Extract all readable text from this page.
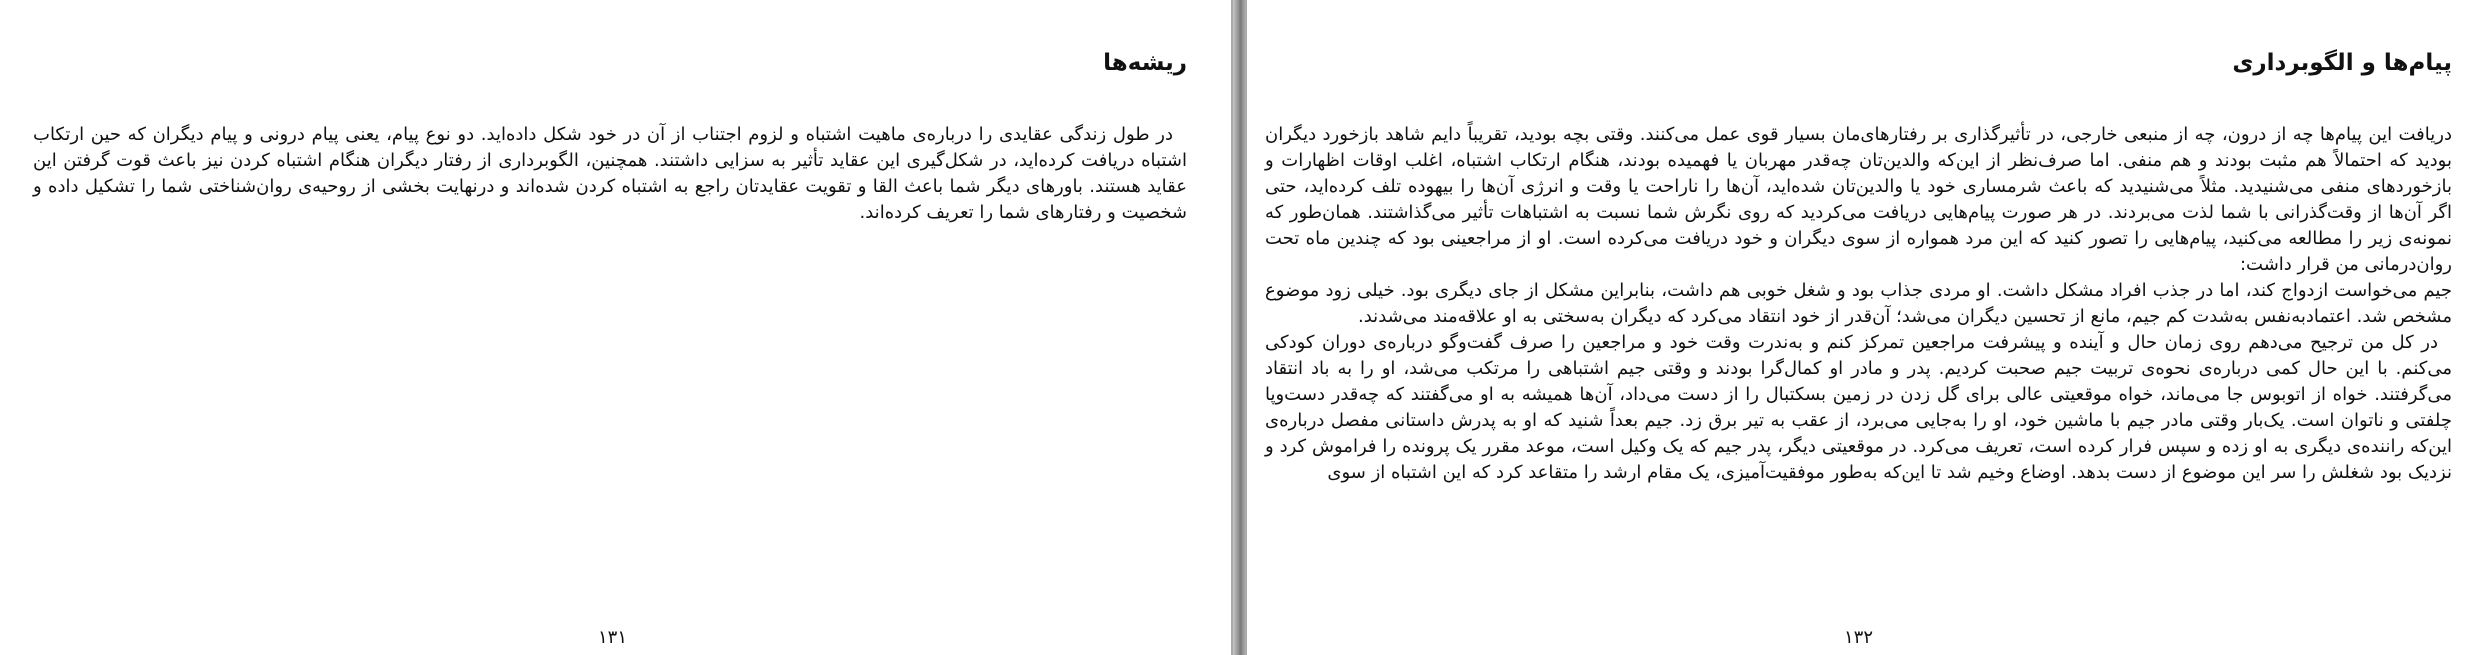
ریشه‌ها

در طول زندگی عقایدی را درباره‌ی ماهیت اشتباه و لزوم اجتناب از آن در خود شکل داده‌اید. دو نوع پیام، یعنی پیام درونی و پیام دیگران که حین ارتکاب اشتباه دریافت کرده‌اید، در شکل‌گیری این عقاید تأثیر به سزایی داشتند. همچنین، الگوبرداری از رفتار دیگران هنگام اشتباه کردن نیز باعث قوت گرفتن این عقاید هستند. باورهای دیگر شما باعث القا و تقویت عقایدتان راجع به اشتباه کردن شده‌اند و درنهایت بخشی از روحیه‌ی روان‌شناختی شما را تشکیل داده و شخصیت و رفتارهای شما را تعریف کرده‌اند.

۱۳۱
پیام‌ها و الگوبرداری

دریافت این پیام‌ها چه از درون، چه از منبعی خارجی، در تأثیرگذاری بر رفتارهای‌مان بسیار قوی عمل می‌کنند. وقتی بچه بودید، تقریباً دایم شاهد بازخورد دیگران بودید که احتمالاً هم مثبت بودند و هم منفی. اما صرف‌نظر از این‌که والدین‌تان چه‌قدر مهربان یا فهمیده بودند، هنگام ارتکاب اشتباه، اغلب اوقات اظهارات و بازخوردهای منفی می‌شنیدید. مثلاً می‌شنیدید که باعث شرمساری خود یا والدین‌تان شده‌اید، آن‌ها را ناراحت یا وقت و انرژی آن‌ها را بیهوده تلف کرده‌اید، حتی اگر آن‌ها از وقت‌گذرانی با شما لذت می‌بردند. در هر صورت پیام‌هایی دریافت می‌کردید که روی نگرش شما نسبت به اشتباهات تأثیر می‌گذاشتند. همان‌طور که نمونه‌ی زیر را مطالعه می‌کنید، پیام‌هایی را تصور کنید که این مرد همواره از سوی دیگران و خود دریافت می‌کرده است. او از مراجعینی بود که چندین ماه تحت روان‌درمانی من قرار داشت:

جیم می‌خواست ازدواج کند، اما در جذب افراد مشکل داشت. او مردی جذاب بود و شغل خوبی هم داشت، بنابراین مشکل از جای دیگری بود. خیلی زود موضوع مشخص شد. اعتمادبه‌نفس به‌شدت کم جیم، مانع از تحسین دیگران می‌شد؛ آن‌قدر از خود انتقاد می‌کرد که دیگران به‌سختی به او علاقه‌مند می‌شدند.

در کل من ترجیح می‌دهم روی زمان حال و آینده و پیشرفت مراجعین تمرکز کنم و به‌ندرت وقت خود و مراجعین را صرف گفت‌وگو درباره‌ی دوران کودکی می‌کنم. با این حال کمی درباره‌ی نحوه‌ی تربیت جیم صحبت کردیم. پدر و مادر او کمال‌گرا بودند و وقتی جیم اشتباهی را مرتکب می‌شد، او را به باد انتقاد می‌گرفتند. خواه از اتوبوس جا می‌ماند، خواه موقعیتی عالی برای گل زدن در زمین بسکتبال را از دست می‌داد، آن‌ها همیشه به او می‌گفتند که چه‌قدر دست‌وپا چلفتی و ناتوان است. یک‌بار وقتی مادر جیم با ماشین خود، او را به‌جایی می‌برد، از عقب به تیر برق زد. جیم بعداً شنید که او به پدرش داستانی مفصل درباره‌ی این‌که راننده‌ی دیگری به او زده و سپس فرار کرده است، تعریف می‌کرد. در موقعیتی دیگر، پدر جیم که یک وکیل است، موعد مقرر یک پرونده را فراموش کرد و نزدیک بود شغلش را سر این موضوع از دست بدهد. اوضاع وخیم شد تا این‌که به‌طور موفقیت‌آمیزی، یک مقام ارشد را متقاعد کرد که این اشتباه از سوی

۱۳۲
